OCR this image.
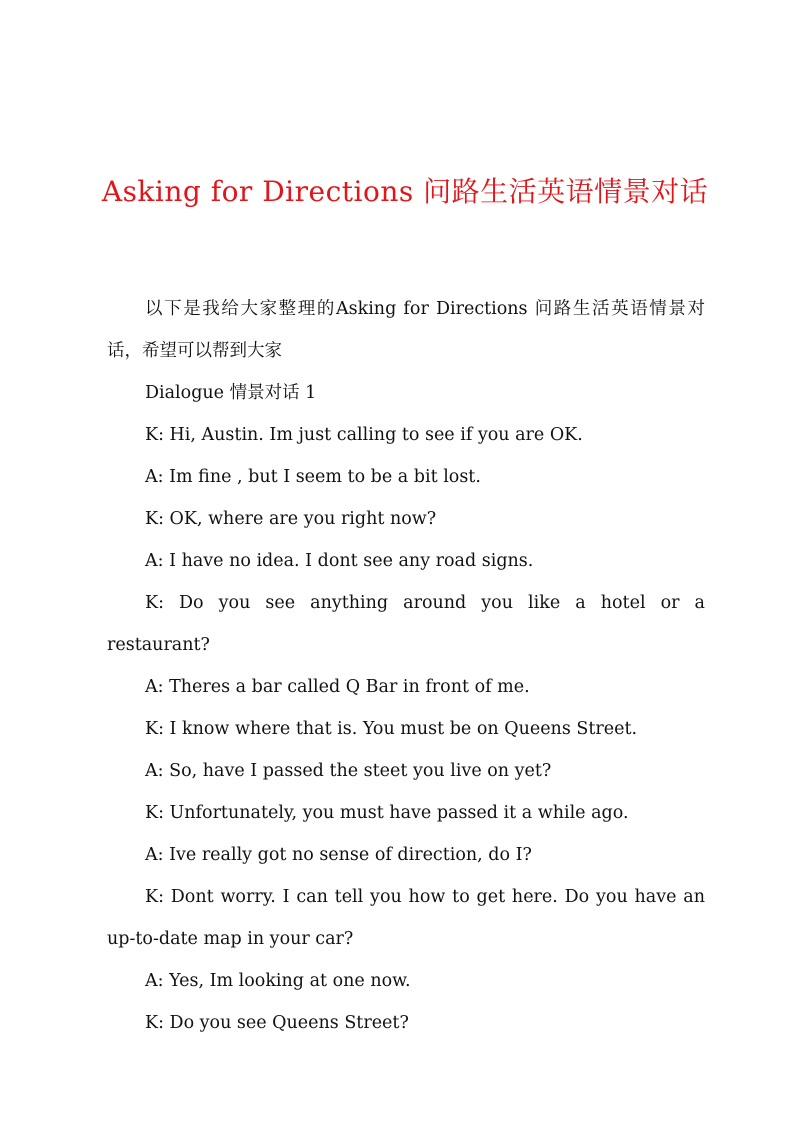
Asking for Directions 问路生活英语情景对话

以下是我给大家整理的Asking for Directions 问路生活英语情景对话，希望可以帮到大家

Dialogue 情景对话 1

K: Hi, Austin. Im just calling to see if you are OK.

A: Im fine , but I seem to be a bit lost.

K: OK, where are you right now?

A: I have no idea. I dont see any road signs.

K: Do you see anything around you like a hotel or a restaurant?

A: Theres a bar called Q Bar in front of me.

K: I know where that is. You must be on Queens Street.

A: So, have I passed the steet you live on yet?

K: Unfortunately, you must have passed it a while ago.

A: Ive really got no sense of direction, do I?

K: Dont worry. I can tell you how to get here. Do you have an up-to-date map in your car?

A: Yes, Im looking at one now.

K: Do you see Queens Street?
